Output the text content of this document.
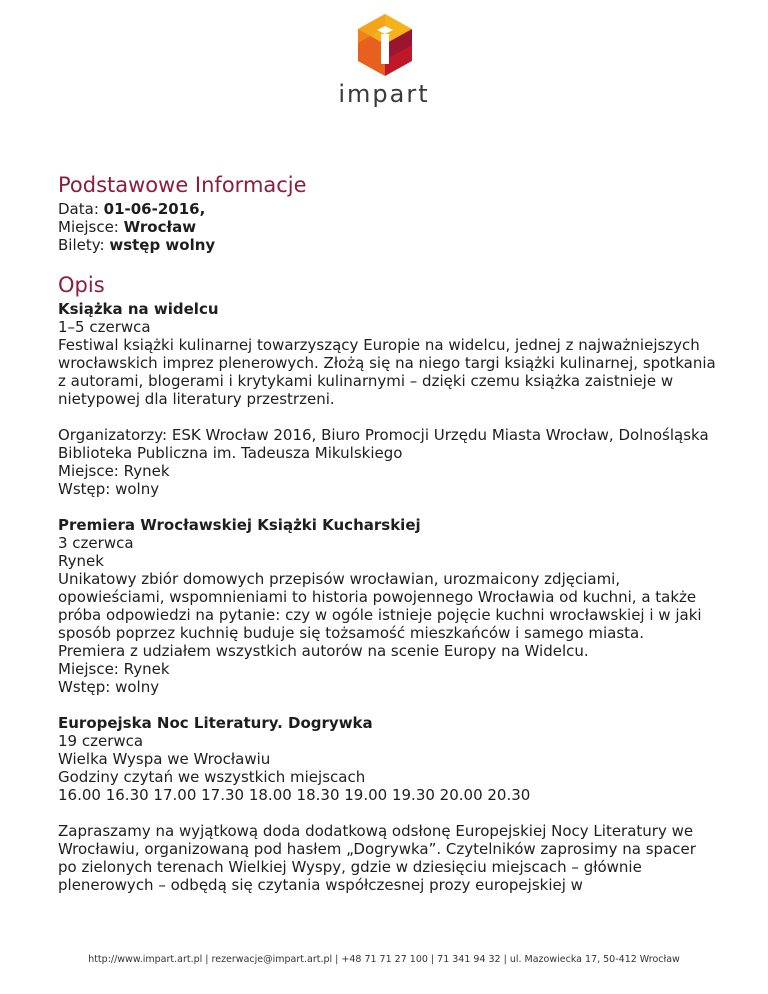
impart
Podstawowe Informacje

Data: 01-06-2016,

Miejsce: Wrocław

Bilety: wstęp wolny

Opis

Książka na widelcu

1–5 czerwca

Festiwal książki kulinarnej towarzyszący Europie na widelcu, jednej z najważniejszych wrocławskich imprez plenerowych. Złożą się na niego targi książki kulinarnej, spotkania z autorami, blogerami i krytykami kulinarnymi – dzięki czemu książka zaistnieje w nietypowej dla literatury przestrzeni.

Organizatorzy: ESK Wrocław 2016, Biuro Promocji Urzędu Miasta Wrocław, Dolnośląska Biblioteka Publiczna im. Tadeusza Mikulskiego

Miejsce: Rynek

Wstęp: wolny

Premiera Wrocławskiej Książki Kucharskiej

3 czerwca

Rynek

Unikatowy zbiór domowych przepisów wrocławian, urozmaicony zdjęciami, opowieściami, wspomnieniami to historia powojennego Wrocławia od kuchni, a także próba odpowiedzi na pytanie: czy w ogóle istnieje pojęcie kuchni wrocławskiej i w jaki sposób poprzez kuchnię buduje się tożsamość mieszkańców i samego miasta.

Premiera z udziałem wszystkich autorów na scenie Europy na Widelcu.

Miejsce: Rynek

Wstęp: wolny

Europejska Noc Literatury. Dogrywka

19 czerwca

Wielka Wyspa we Wrocławiu

Godziny czytań we wszystkich miejscach

16.00 16.30 17.00 17.30 18.00 18.30 19.00 19.30 20.00 20.30

Zapraszamy na wyjątkową doda dodatkową odsłonę Europejskiej Nocy Literatury we Wrocławiu, organizowaną pod hasłem „Dogrywka”. Czytelników zaprosimy na spacer po zielonych terenach Wielkiej Wyspy, gdzie w dziesięciu miejscach – głównie plenerowych – odbędą się czytania współczesnej prozy europejskiej w

http://www.impart.art.pl | rezerwacje@impart.art.pl | +48 71 71 27 100 | 71 341 94 32 | ul. Mazowiecka 17, 50-412 Wrocław
